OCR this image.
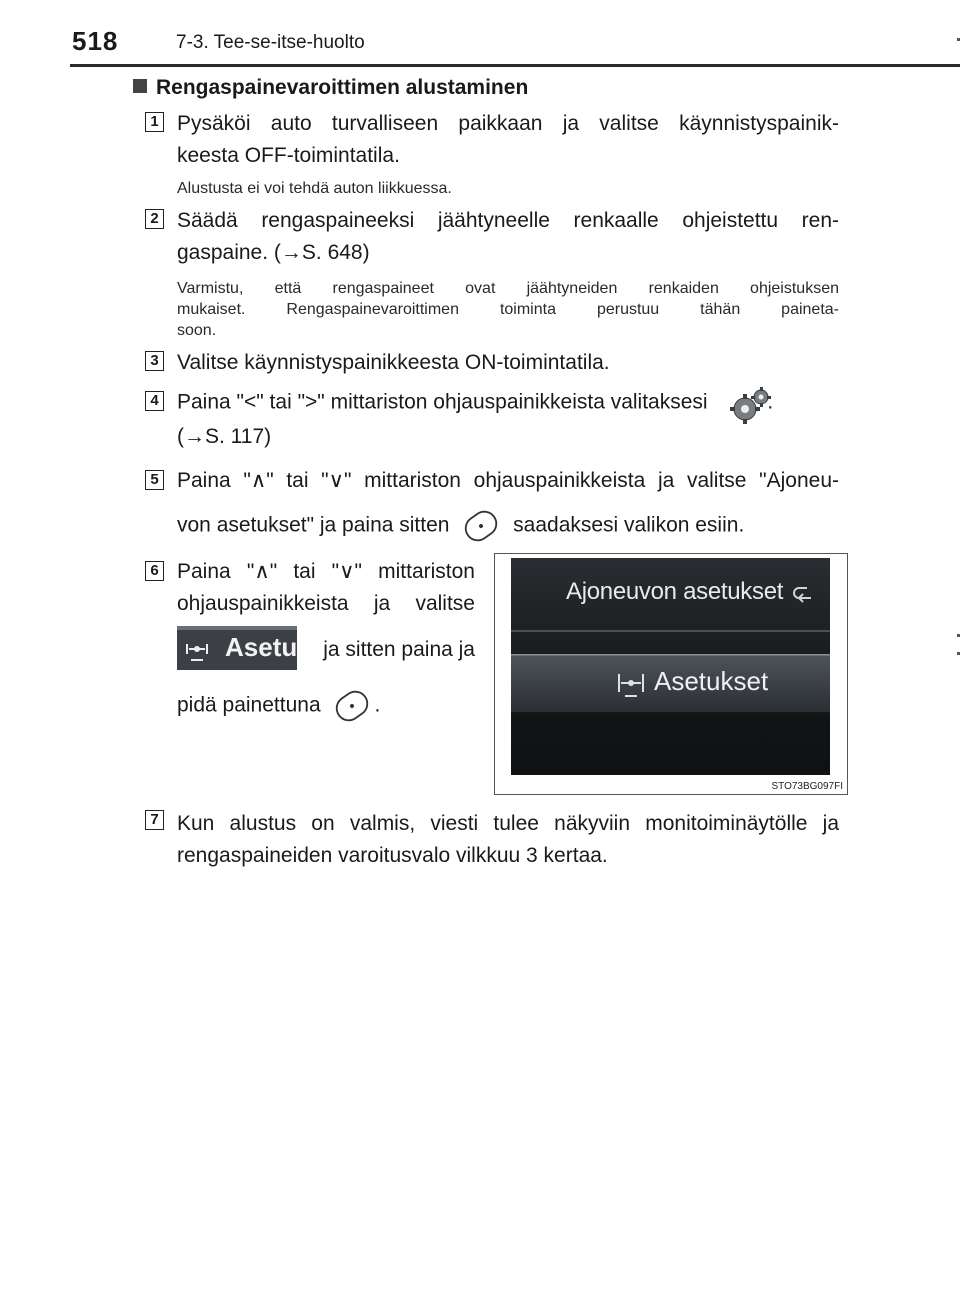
518	7-3. Tee-se-itse-huolto
Rengaspainevaroittimen alustaminen
1 Pysäköi auto turvalliseen paikkaan ja valitse käynnistyspainik-
keesta OFF-toimintatila.
Alustusta ei voi tehdä auton liikkuessa.
2 Säädä rengaspaineeksi jäähtyneelle renkaalle ohjeistettu ren-
gaspaine. (→S. 648)
Varmistu, että rengaspaineet ovat jäähtyneiden renkaiden ohjeistuksen
mukaiset. Rengaspainevaroittimen toiminta perustuu tähän paineta-
soon.
3 Valitse käynnistyspainikkeesta ON-toimintatila.
4 Paina "<" tai ">" mittariston ohjauspainikkeista valitaksesi	.
(→S. 117)
5 Paina "∧" tai "∨" mittariston ohjauspainikkeista ja valitse "Ajoneu-
von asetukset" ja paina sitten	saadaksesi valikon esiin.
6 Paina "∧" tai "∨" mittariston
ohjauspainikkeista ja valitse
Asetu ja sitten paina ja
pidä painettuna	.
Ajoneuvon asetukset
Asetukset
STO73BG097FI
7 Kun alustus on valmis, viesti tulee näkyviin monitoiminäytölle ja
rengaspaineiden varoitusvalo vilkkuu 3 kertaa.
